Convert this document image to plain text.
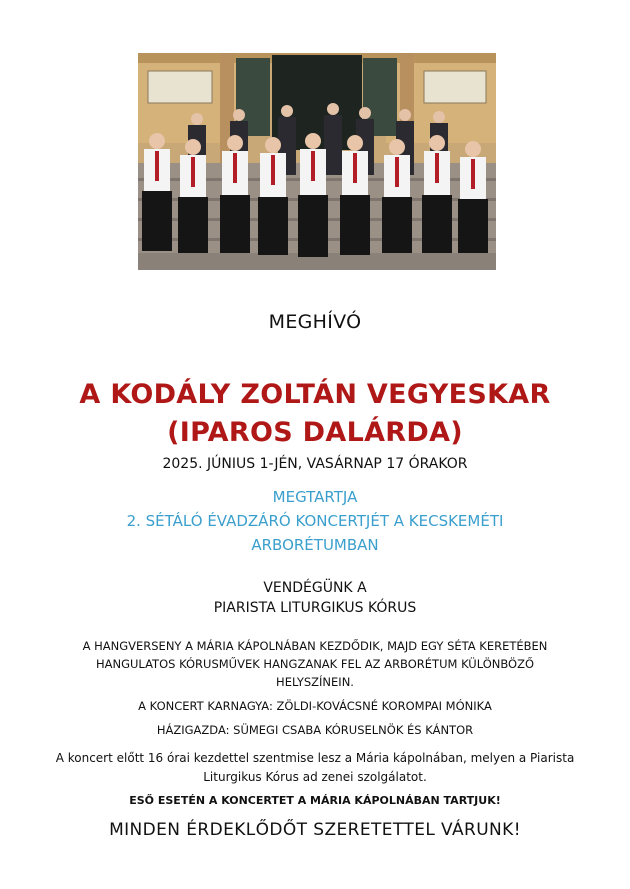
MEGHÍVÓ
A KODÁLY ZOLTÁN VEGYESKAR
(IPAROS DALÁRDA)
2025. JÚNIUS 1-JÉN, VASÁRNAP 17 ÓRAKOR
MEGTARTJA
2. SÉTÁLÓ ÉVADZÁRÓ KONCERTJÉT A KECSKEMÉTI
ARBORÉTUMBAN
VENDÉGÜNK A
PIARISTA LITURGIKUS KÓRUS
A HANGVERSENY A MÁRIA KÁPOLNÁBAN KEZDŐDIK, MAJD EGY SÉTA KERETÉBEN
HANGULATOS KÓRUSMŰVEK HANGZANAK FEL AZ ARBORÉTUM KÜLÖNBÖZŐ
HELYSZÍNEIN.
A KONCERT KARNAGYA: ZÖLDI-KOVÁCSNÉ KOROMPAI MÓNIKA
HÁZIGAZDA: SÜMEGI CSABA KÓRUSELNÖK ÉS KÁNTOR
A koncert előtt 16 órai kezdettel szentmise lesz a Mária kápolnában, melyen a Piarista
Liturgikus Kórus ad zenei szolgálatot.
ESŐ ESETÉN A KONCERTET A MÁRIA KÁPOLNÁBAN TARTJUK!
MINDEN ÉRDEKLŐDŐT SZERETETTEL VÁRUNK!
